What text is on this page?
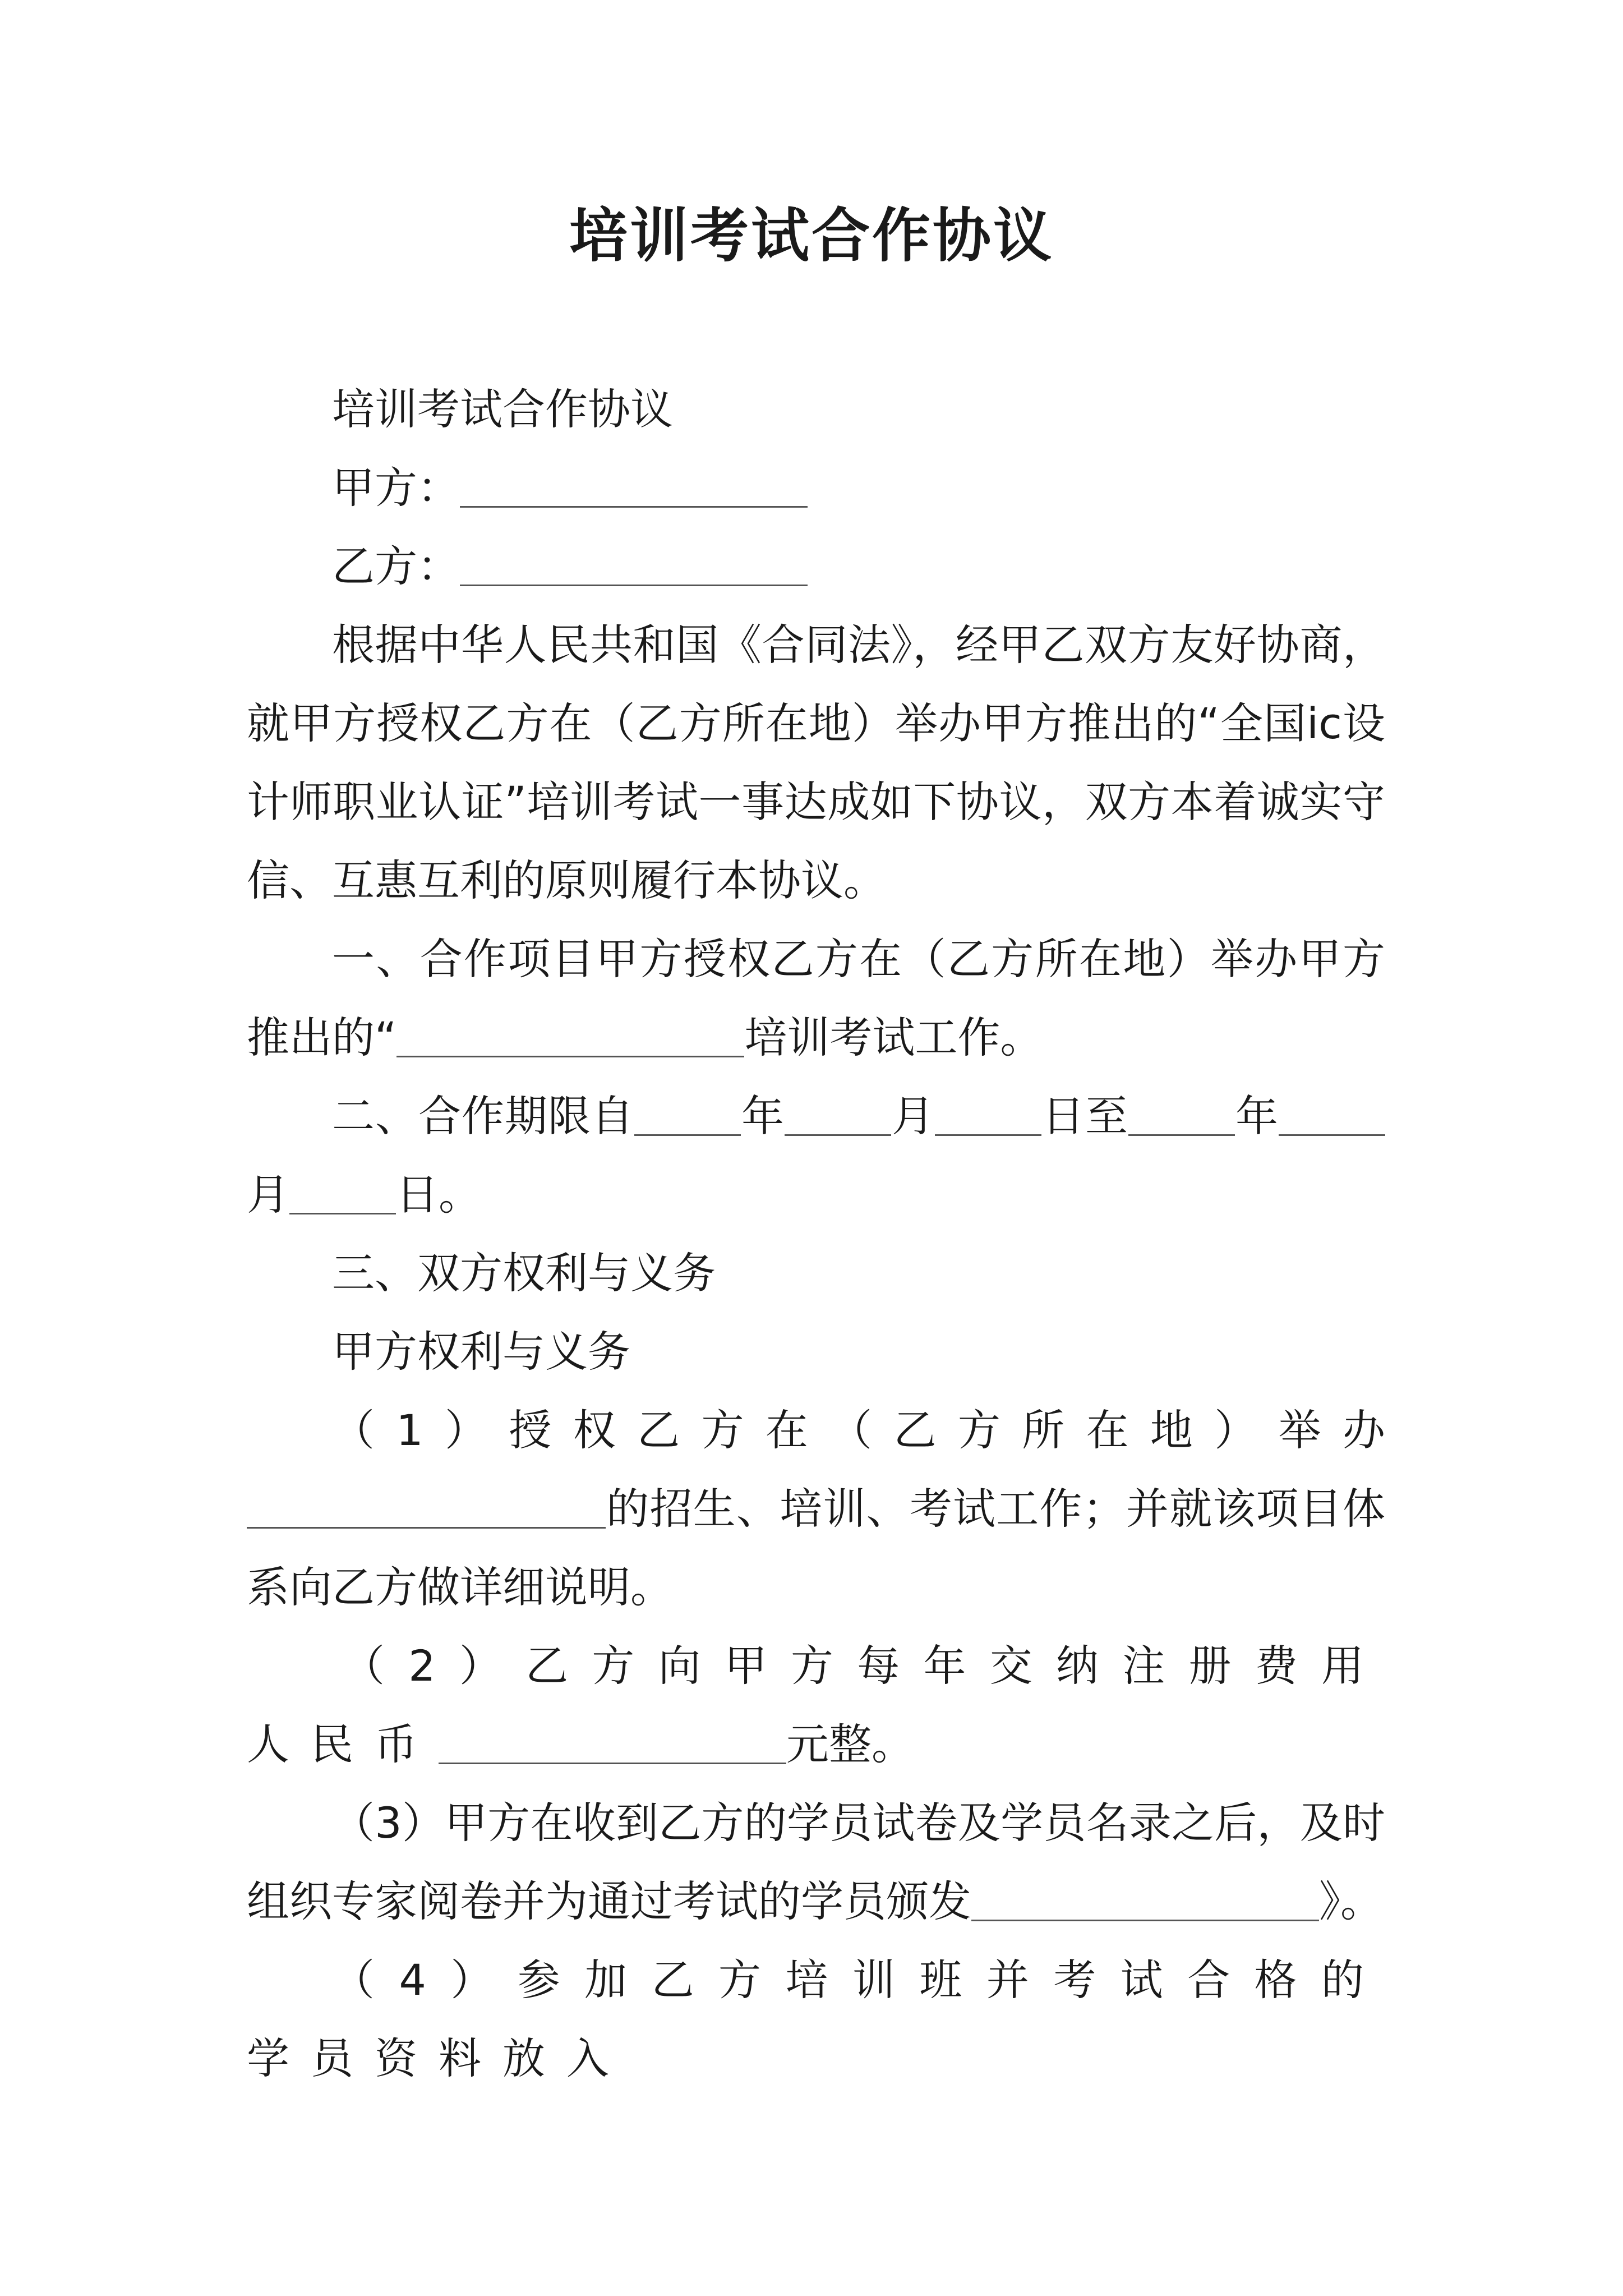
培训考试合作协议

培训考试合作协议

甲方：

乙方：

根据中华人民共和国《合同法》，经甲乙双方友好协商，就甲方授权乙方在（乙方所在地）举办甲方推出的“全国ic设计师职业认证”培训考试一事达成如下协议，双方本着诚实守信、互惠互利的原则履行本协议。

一、合作项目甲方授权乙方在（乙方所在地）举办甲方推出的“	培训考试工作。

二、合作期限自	年	月	日至	年月	日。

三、双方权利与义务

甲方权利与义务

（1）授权乙方在（乙方所在地）举办的招生、培训、考试工作；并就该项目体系向乙方做详细说明。

（2）乙方向甲方每年交纳注册费用人民币	元整。

（3）甲方在收到乙方的学员试卷及学员名录之后，及时组织专家阅卷并为通过考试的学员颁发	》。

（4）参加乙方培训班并考试合格的学员资料放入
